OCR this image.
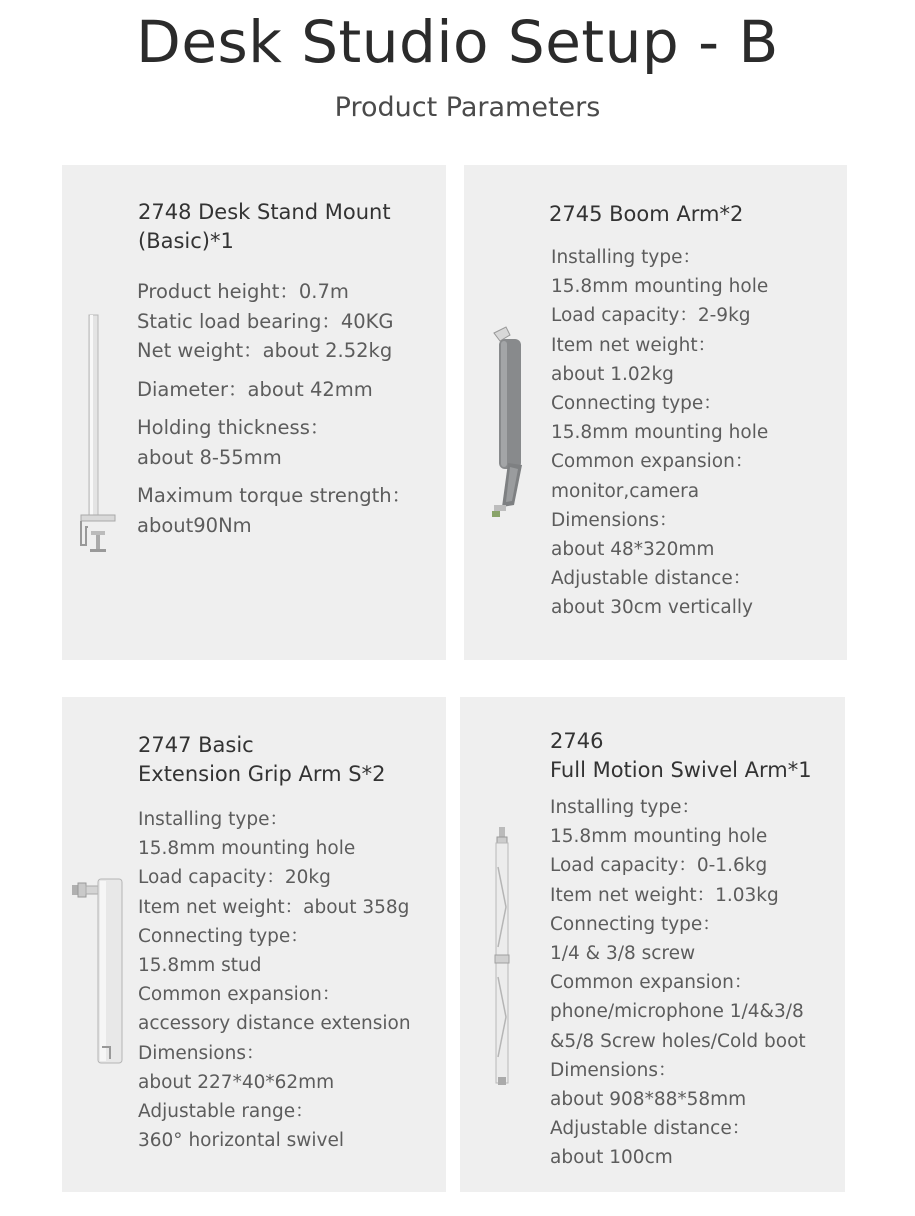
Desk Studio Setup - B
Product Parameters
2748 Desk Stand Mount
(Basic)*1
Product height：0.7m
Static load bearing：40KG
Net weight：about 2.52kg
Diameter：about 42mm
Holding thickness：
about 8-55mm
Maximum torque strength：
about90Nm
2745 Boom Arm*2
Installing type：
15.8mm mounting hole
Load capacity：2-9kg
Item net weight：
about 1.02kg
Connecting type：
15.8mm mounting hole
Common expansion：
monitor,camera
Dimensions：
about 48*320mm
Adjustable distance：
about 30cm vertically
2747 Basic
Extension Grip Arm S*2
Installing type：
15.8mm mounting hole
Load capacity：20kg
Item net weight：about 358g
Connecting type：
15.8mm stud
Common expansion：
accessory distance extension
Dimensions：
about 227*40*62mm
Adjustable range：
360° horizontal swivel
2746
Full Motion Swivel Arm*1
Installing type：
15.8mm mounting hole
Load capacity：0-1.6kg
Item net weight：1.03kg
Connecting type：
1/4 & 3/8 screw
Common expansion：
phone/microphone 1/4&3/8
&5/8 Screw holes/Cold boot
Dimensions：
about 908*88*58mm
Adjustable distance：
about 100cm
